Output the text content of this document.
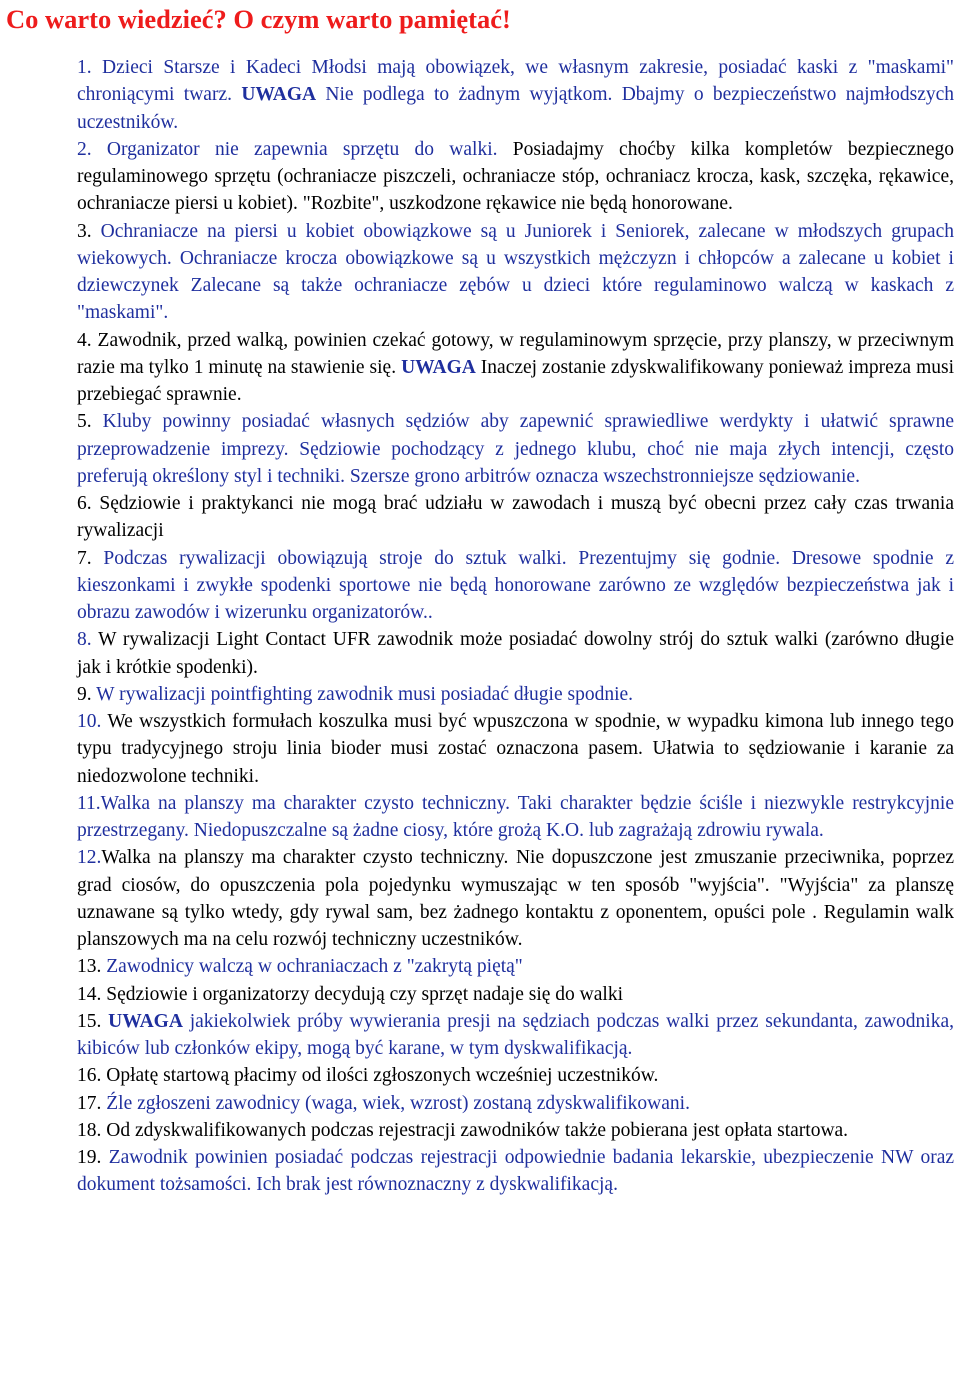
Co warto wiedzieć? O czym warto pamiętać!

1. Dzieci Starsze i Kadeci Młodsi mają obowiązek, we własnym zakresie, posiadać kaski z "maskami" chroniącymi twarz. UWAGA Nie podlega to żadnym wyjątkom. Dbajmy o bezpieczeństwo najmłodszych uczestników.

2. Organizator nie zapewnia sprzętu do walki. Posiadajmy choćby kilka kompletów bezpiecznego regulaminowego sprzętu (ochraniacze piszczeli, ochraniacze stóp, ochraniacz krocza, kask, szczęka, rękawice, ochraniacze piersi u kobiet). "Rozbite", uszkodzone rękawice nie będą honorowane.

3. Ochraniacze na piersi u kobiet obowiązkowe są u Juniorek i Seniorek, zalecane w młodszych grupach wiekowych. Ochraniacze krocza obowiązkowe są u wszystkich mężczyzn i chłopców a zalecane u kobiet i dziewczynek Zalecane są także ochraniacze zębów u dzieci które regulaminowo walczą w kaskach z "maskami".

4. Zawodnik, przed walką, powinien czekać gotowy, w regulaminowym sprzęcie, przy planszy, w przeciwnym razie ma tylko 1 minutę na stawienie się. UWAGA Inaczej zostanie zdyskwalifikowany ponieważ impreza musi przebiegać sprawnie.

5. Kluby powinny posiadać własnych sędziów aby zapewnić sprawiedliwe werdykty i ułatwić sprawne przeprowadzenie imprezy. Sędziowie pochodzący z jednego klubu, choć nie maja złych intencji, często preferują określony styl i techniki. Szersze grono arbitrów oznacza wszechstronniejsze sędziowanie.

6. Sędziowie i praktykanci nie mogą brać udziału w zawodach i muszą być obecni przez cały czas trwania rywalizacji

7. Podczas rywalizacji obowiązują stroje do sztuk walki. Prezentujmy się godnie. Dresowe spodnie z kieszonkami i zwykłe spodenki sportowe nie będą honorowane zarówno ze względów bezpieczeństwa jak i obrazu zawodów i wizerunku organizatorów..

8. W rywalizacji Light Contact UFR zawodnik może posiadać dowolny strój do sztuk walki (zarówno długie jak i krótkie spodenki).

9. W rywalizacji pointfighting zawodnik musi posiadać długie spodnie.

10. We wszystkich formułach koszulka musi być wpuszczona w spodnie, w wypadku kimona lub innego tego typu tradycyjnego stroju linia bioder musi zostać oznaczona pasem. Ułatwia to sędziowanie i karanie za niedozwolone techniki.

11.Walka na planszy ma charakter czysto techniczny. Taki charakter będzie ściśle i niezwykle restrykcyjnie przestrzegany. Niedopuszczalne są żadne ciosy, które grożą K.O. lub zagrażają zdrowiu rywala.

12.Walka na planszy ma charakter czysto techniczny. Nie dopuszczone jest zmuszanie przeciwnika, poprzez grad ciosów, do opuszczenia pola pojedynku wymuszając w ten sposób "wyjścia". "Wyjścia" za planszę uznawane są tylko wtedy, gdy rywal sam, bez żadnego kontaktu z oponentem, opuści pole . Regulamin walk planszowych ma na celu rozwój techniczny uczestników.

13. Zawodnicy walczą w ochraniaczach z "zakrytą piętą"

14. Sędziowie i organizatorzy decydują czy sprzęt nadaje się do walki

15. UWAGA jakiekolwiek próby wywierania presji na sędziach podczas walki przez sekundanta, zawodnika, kibiców lub członków ekipy, mogą być karane, w tym dyskwalifikacją.

16. Opłatę startową płacimy od ilości zgłoszonych wcześniej uczestników.

17. Źle zgłoszeni zawodnicy (waga, wiek, wzrost) zostaną zdyskwalifikowani.

18. Od zdyskwalifikowanych podczas rejestracji zawodników także pobierana jest opłata startowa.

19. Zawodnik powinien posiadać podczas rejestracji odpowiednie badania lekarskie, ubezpieczenie NW oraz dokument tożsamości. Ich brak jest równoznaczny z dyskwalifikacją.
